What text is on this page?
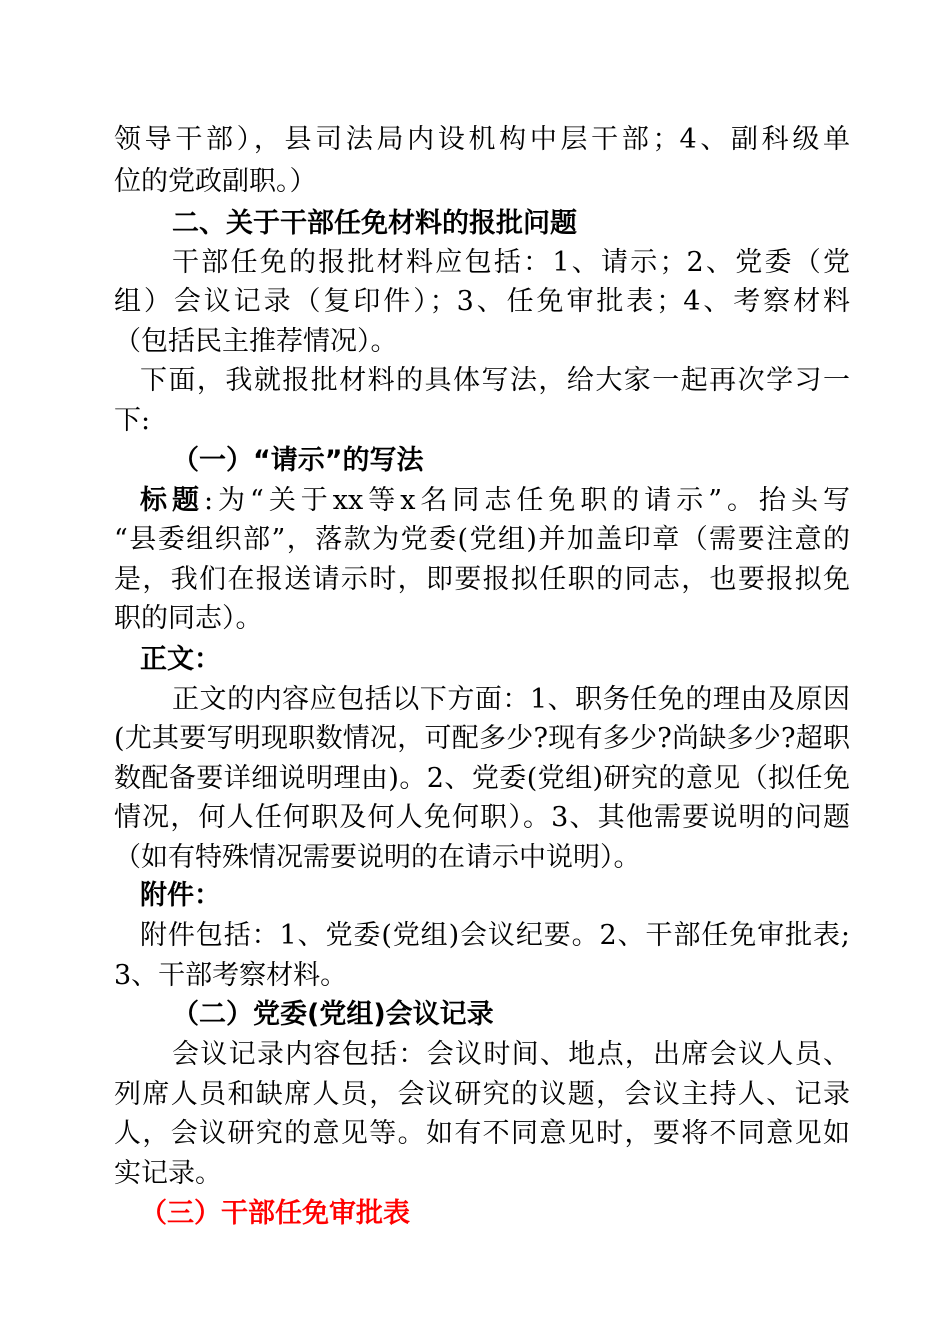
领导干部），县司法局内设机构中层干部；4、副科级单
位的党政副职。）
二、关于干部任免材料的报批问题
干部任免的报批材料应包括：1、请示；2、党委（党
组）会议记录（复印件）；3、任免审批表；4、考察材料
（包括民主推荐情况）。
下面，我就报批材料的具体写法，给大家一起再次学习一
下:
（一）“请示”的写法
标题:为“关于xx等x名同志任免职的请示”。抬头写
“县委组织部”，落款为党委(党组)并加盖印章（需要注意的
是，我们在报送请示时，即要报拟任职的同志，也要报拟免
职的同志）。
正文：
正文的内容应包括以下方面：1、职务任免的理由及原因
(尤其要写明现职数情况，可配多少?现有多少?尚缺多少?超职
数配备要详细说明理由)。2、党委(党组)研究的意见（拟任免
情况，何人任何职及何人免何职）。3、其他需要说明的问题
（如有特殊情况需要说明的在请示中说明）。
附件：
附件包括：1、党委(党组)会议纪要。2、干部任免审批表;
3、干部考察材料。
（二）党委(党组)会议记录
会议记录内容包括：会议时间、地点，出席会议人员、
列席人员和缺席人员，会议研究的议题，会议主持人、记录
人，会议研究的意见等。如有不同意见时，要将不同意见如
实记录。
（三）干部任免审批表
